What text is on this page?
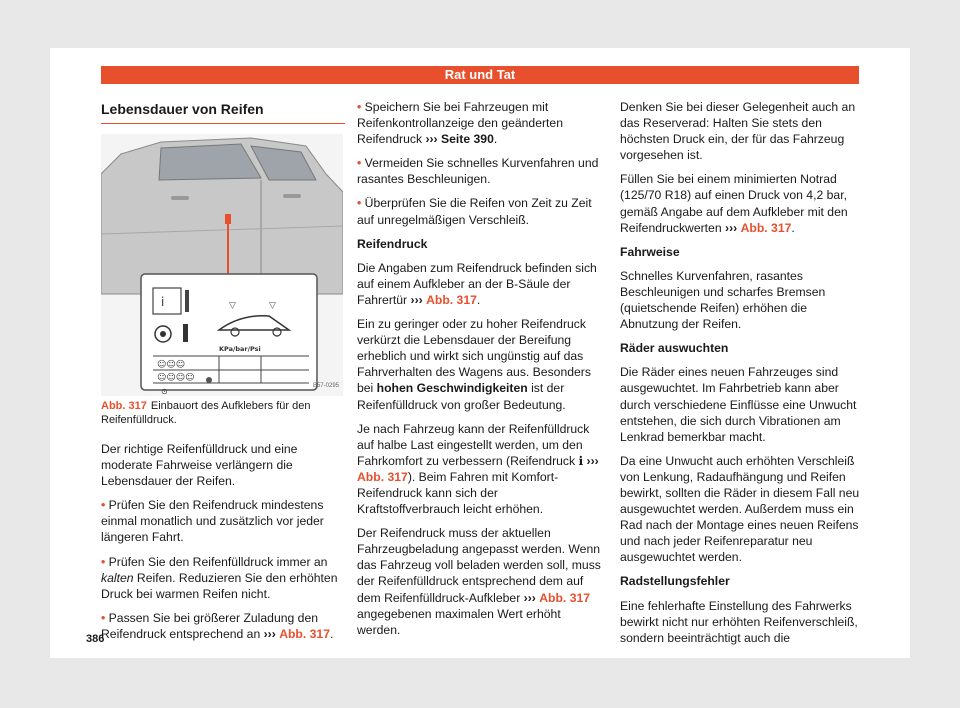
Rat und Tat
Lebensdauer von Reifen
i	▽	▽
KPa/bar/Psi
☺☺☺
☺☺☺☺
⊙
B57-0295
Abb. 317 Einbauort des Aufklebers für den Reifenfülldruck.

Der richtige Reifenfülldruck und eine moderate Fahrweise verlängern die Lebensdauer der Reifen.

• Prüfen Sie den Reifendruck mindestens einmal monatlich und zusätzlich vor jeder längeren Fahrt.

• Prüfen Sie den Reifenfülldruck immer an kalten Reifen. Reduzieren Sie den erhöhten Druck bei warmen Reifen nicht.

• Passen Sie bei größerer Zuladung den Reifendruck entsprechend an ››› Abb. 317.

• Speichern Sie bei Fahrzeugen mit Reifenkontrollanzeige den geänderten Reifendruck ››› Seite 390.

• Vermeiden Sie schnelles Kurvenfahren und rasantes Beschleunigen.

• Überprüfen Sie die Reifen von Zeit zu Zeit auf unregelmäßigen Verschleiß.

Reifendruck

Die Angaben zum Reifendruck befinden sich auf einem Aufkleber an der B-Säule der Fahrertür ››› Abb. 317.

Ein zu geringer oder zu hoher Reifendruck verkürzt die Lebensdauer der Bereifung erheblich und wirkt sich ungünstig auf das Fahrverhalten des Wagens aus. Besonders bei hohen Geschwindigkeiten ist der Reifenfülldruck von großer Bedeutung.

Je nach Fahrzeug kann der Reifenfülldruck auf halbe Last eingestellt werden, um den Fahrkomfort zu verbessern (Reifendruck ℹ ››› Abb. 317). Beim Fahren mit Komfort-Reifendruck kann sich der Kraftstoffverbrauch leicht erhöhen.

Der Reifendruck muss der aktuellen Fahrzeugbeladung angepasst werden. Wenn das Fahrzeug voll beladen werden soll, muss der Reifenfülldruck entsprechend dem auf dem Reifenfülldruck-Aufkleber ››› Abb. 317 angegebenen maximalen Wert erhöht werden.

Denken Sie bei dieser Gelegenheit auch an das Reserverad: Halten Sie stets den höchsten Druck ein, der für das Fahrzeug vorgesehen ist.

Füllen Sie bei einem minimierten Notrad (125/70 R18) auf einen Druck von 4,2 bar, gemäß Angabe auf dem Aufkleber mit den Reifendruckwerten ››› Abb. 317.

Fahrweise

Schnelles Kurvenfahren, rasantes Beschleunigen und scharfes Bremsen (quietschende Reifen) erhöhen die Abnutzung der Reifen.

Räder auswuchten

Die Räder eines neuen Fahrzeuges sind ausgewuchtet. Im Fahrbetrieb kann aber durch verschiedene Einflüsse eine Unwucht entstehen, die sich durch Vibrationen am Lenkrad bemerkbar macht.

Da eine Unwucht auch erhöhten Verschleiß von Lenkung, Radaufhängung und Reifen bewirkt, sollten die Räder in diesem Fall neu ausgewuchtet werden. Außerdem muss ein Rad nach der Montage eines neuen Reifens und nach jeder Reifenreparatur neu ausgewuchtet werden.

Radstellungsfehler

Eine fehlerhafte Einstellung des Fahrwerks bewirkt nicht nur erhöhten Reifenverschleiß, sondern beeinträchtigt auch die

386
